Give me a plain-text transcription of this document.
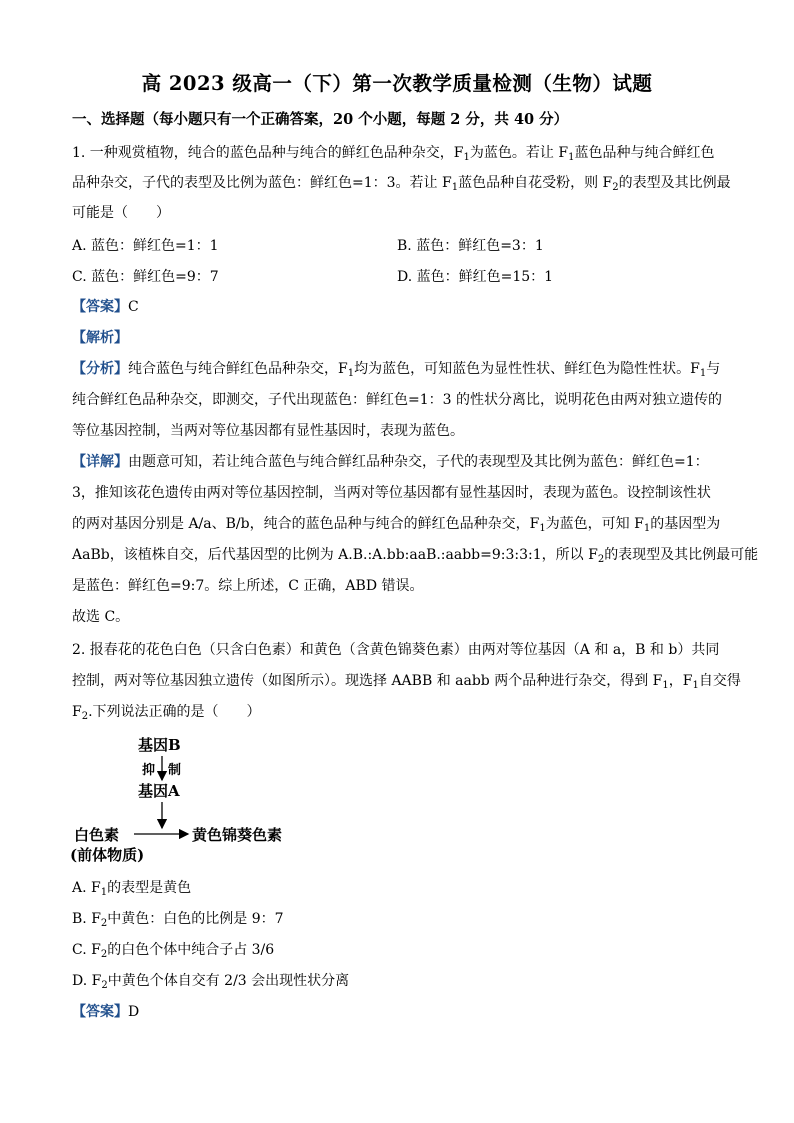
高 2023 级高一（下）第一次教学质量检测（生物）试题
一、选择题（每小题只有一个正确答案，20 个小题，每题 2 分，共 40 分）
1. 一种观赏植物，纯合的蓝色品种与纯合的鲜红色品种杂交，$F_1$为蓝色。若让 $F_1$蓝色品种与纯合鲜红色
品种杂交，子代的表型及比例为蓝色：鲜红色=1：3。若让 $F_1$蓝色品种自花受粉，则 $F_2$的表型及其比例最
可能是（　　）
A. 蓝色：鲜红色=1：1	B. 蓝色：鲜红色=3：1
C. 蓝色：鲜红色=9：7	D. 蓝色：鲜红色=15：1
【答案】C
【解析】
【分析】纯合蓝色与纯合鲜红色品种杂交，$F_1$均为蓝色，可知蓝色为显性性状、鲜红色为隐性性状。$F_1$与
纯合鲜红色品种杂交，即测交，子代出现蓝色：鲜红色=1：3 的性状分离比，说明花色由两对独立遗传的
等位基因控制，当两对等位基因都有显性基因时，表现为蓝色。
【详解】由题意可知，若让纯合蓝色与纯合鲜红品种杂交，子代的表现型及其比例为蓝色：鲜红色=1：
3，推知该花色遗传由两对等位基因控制，当两对等位基因都有显性基因时，表现为蓝色。设控制该性状
的两对基因分别是 A/a、B/b，纯合的蓝色品种与纯合的鲜红色品种杂交，$F_1$为蓝色，可知 $F_1$的基因型为
AaBb，该植株自交，后代基因型的比例为 A.B.:A.bb:aaB.:aabb=9:3:3:1，所以 $F_2$的表现型及其比例最可能
是蓝色：鲜红色=9:7。综上所述，C 正确，ABD 错误。
故选 C。
2. 报春花的花色白色（只含白色素）和黄色（含黄色锦葵色素）由两对等位基因（A 和 a，B 和 b）共同
控制，两对等位基因独立遗传（如图所示）。现选择 AABB 和 aabb 两个品种进行杂交，得到 $F_1$，$F_1$自交得
$F_2$.下列说法正确的是（　　）
基因B
抑 制
基因A
白色素	黄色锦葵色素
(前体物质)
A. $F_1$的表型是黄色
B. $F_2$中黄色：白色的比例是 9：7
C. $F_2$的白色个体中纯合子占 3/6
D. $F_2$中黄色个体自交有 2/3 会出现性状分离
【答案】D
